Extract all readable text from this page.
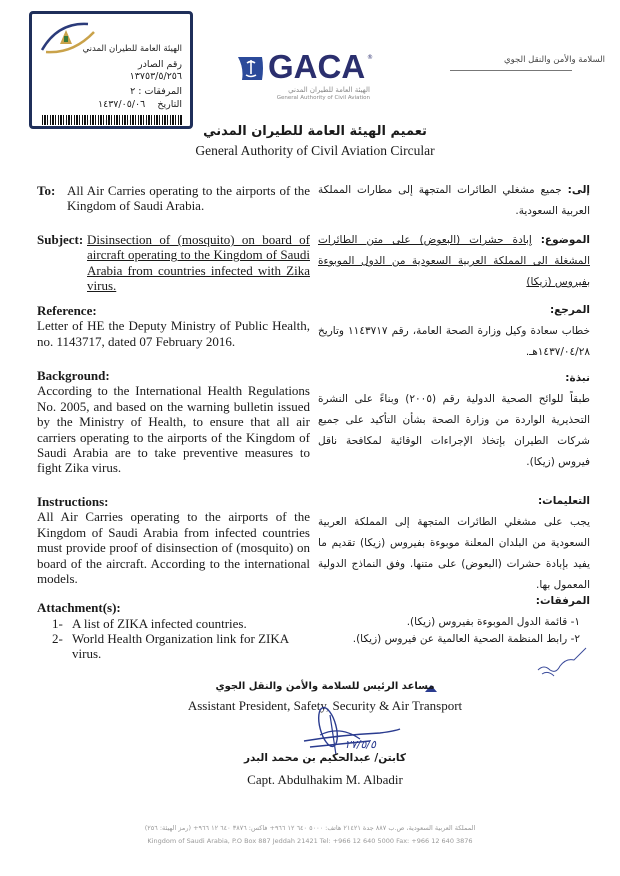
الهيئة العامة للطيران المدني
رقم الصادر
١٣٧٥٣/٥/٢٥٦
المرفقات : ٢
التاريخ    ١٤٣٧/٠٥/٠٦
GACA ®
الهيئة العامة للطيران المدني
General Authority of Civil Aviation
السلامة والأمن والنقل الجوي
تعميم الهيئة العامة للطيران المدني
General Authority of Civil Aviation Circular
To: All Air Carries operating to the airports of the Kingdom of Saudi Arabia.
Subject: Disinsection of (mosquito) on board of aircraft operating to the Kingdom of Saudi Arabia from countries infected with Zika virus.
Reference:
Letter of HE the Deputy Ministry of Public Health, no. 1143717, dated 07 February 2016.
Background:
According to the International Health Regulations No. 2005, and based on the warning bulletin issued by the Ministry of Health, to ensure that all air carriers operating to the airports of the Kingdom of Saudi Arabia are to take preventive measures to fight Zika virus.
Instructions:
All Air Carries operating to the airports of the Kingdom of Saudi Arabia from infected countries must provide proof of disinsection of (mosquito) on board of the aircraft. According to the international models.
Attachment(s):
1- A list of ZIKA infected countries.
2- World Health Organization link for ZIKA virus.
إلى: جميع مشغلي الطائرات المتجهة إلى مطارات المملكة العربية السعودية.
الموضوع: إبادة حشرات (البعوض) على متن الطائرات المشغلة الى المملكة العربية السعودية من الدول الموبوءة بفيروس (زيكا)
المرجع:
خطاب سعادة وكيل وزارة الصحة العامة، رقم ١١٤٣٧١٧ وتاريخ ١٤٣٧/٠٤/٢٨هـ.
نبذة:
طبقاً للوائح الصحية الدولية رقم (٢٠٠٥) وبناءً على النشرة التحذيرية الواردة من وزارة الصحة بشأن التأكيد على جميع شركات الطيران بإتخاذ الإجراءات الوقائية لمكافحة ناقل فيروس (زيكا).
التعليمات:
يجب على مشغلي الطائرات المتجهة إلى المملكة العربية السعودية من البلدان المعلنة موبوءة بفيروس (زيكا) تقديم ما يفيد بإبادة حشرات (البعوض) على متنها. وفق النماذج الدولية المعمول بها.
المرفقات:
١- قائمة الدول الموبوءة بفيروس (زيكا).
٢- رابط المنظمة الصحية العالمية عن فيروس (زيكا).
مساعد الرئيس للسلامة والأمن والنقل الجوي
Assistant President, Safety, Security & Air Transport
٢٧/٥/٥
كابتن/ عبدالحكيم بن محمد البدر
Capt. Abdulhakim M. Albadir
المملكة العربية السعودية، ص.ب ٨٨٧ جدة ٢١٤٢١ هاتف: ٥٠٠٠ ٦٤٠ ١٢ ٩٦٦+ فاكس: ٣٨٧٦ ٦٤٠ ١٢ ٩٦٦+ (رمز الهيئة: ٢٥٦)
Kingdom of Saudi Arabia, P.O Box 887 Jeddah 21421 Tel: +966 12 640 5000 Fax: +966 12 640 3876
